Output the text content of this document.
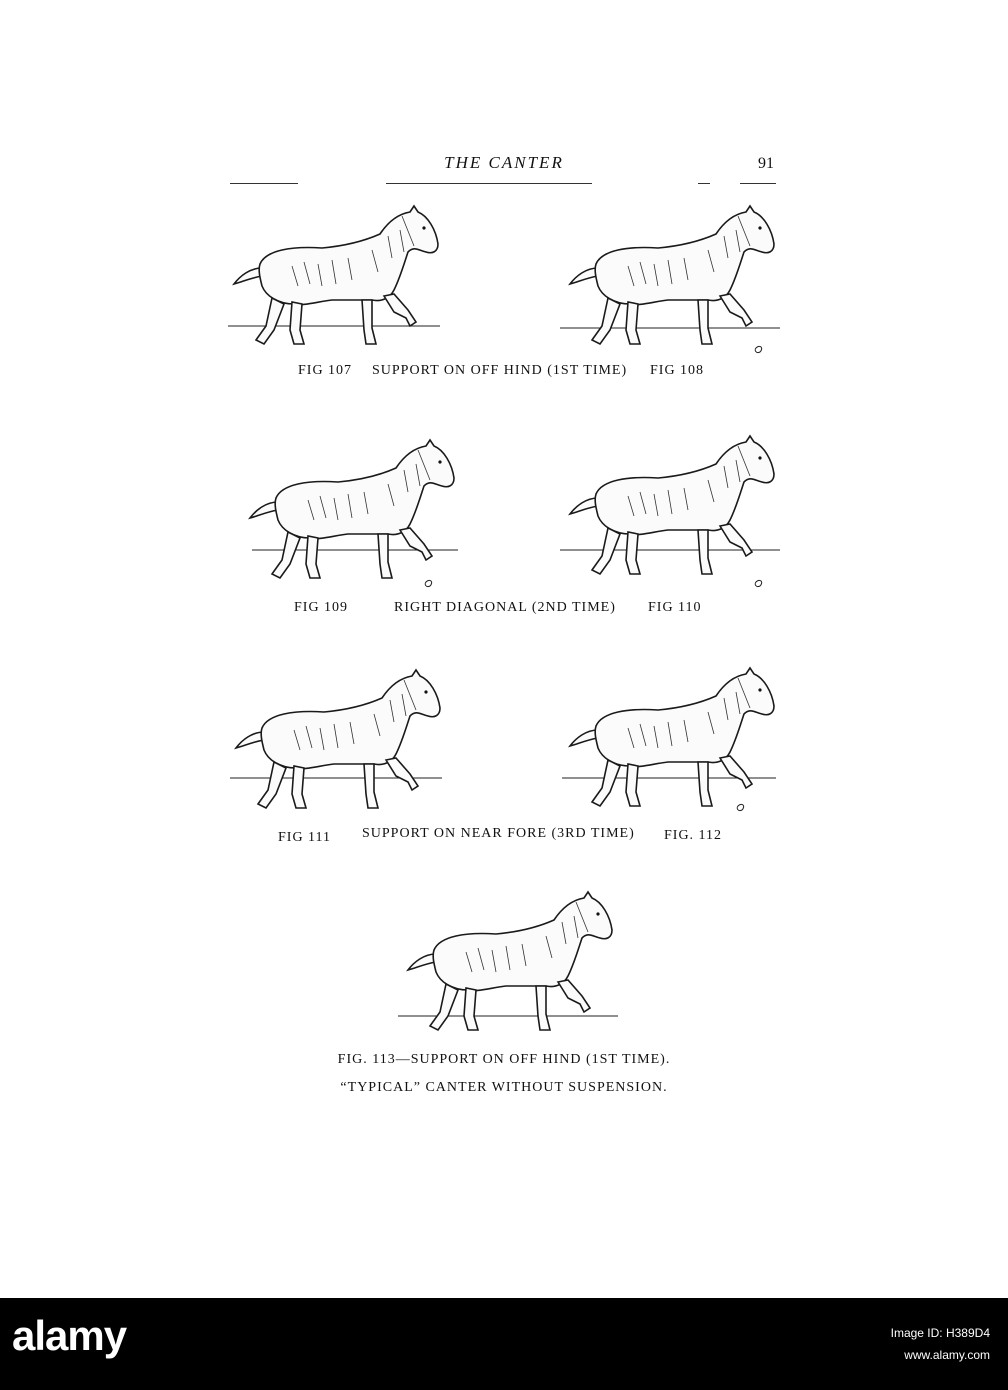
THE CANTER	91
FIG 107 SUPPORT ON OFF HIND (1ST TIME) FIG 108
FIG 109	RIGHT DIAGONAL (2ND TIME) FIG 110
FIG 111 SUPPORT ON NEAR FORE (3RD TIME) FIG. 112
FIG. 113—SUPPORT ON OFF HIND (1ST TIME).
“TYPICAL” CANTER WITHOUT SUSPENSION.
alamy	Image ID: H389D4
www.alamy.com
